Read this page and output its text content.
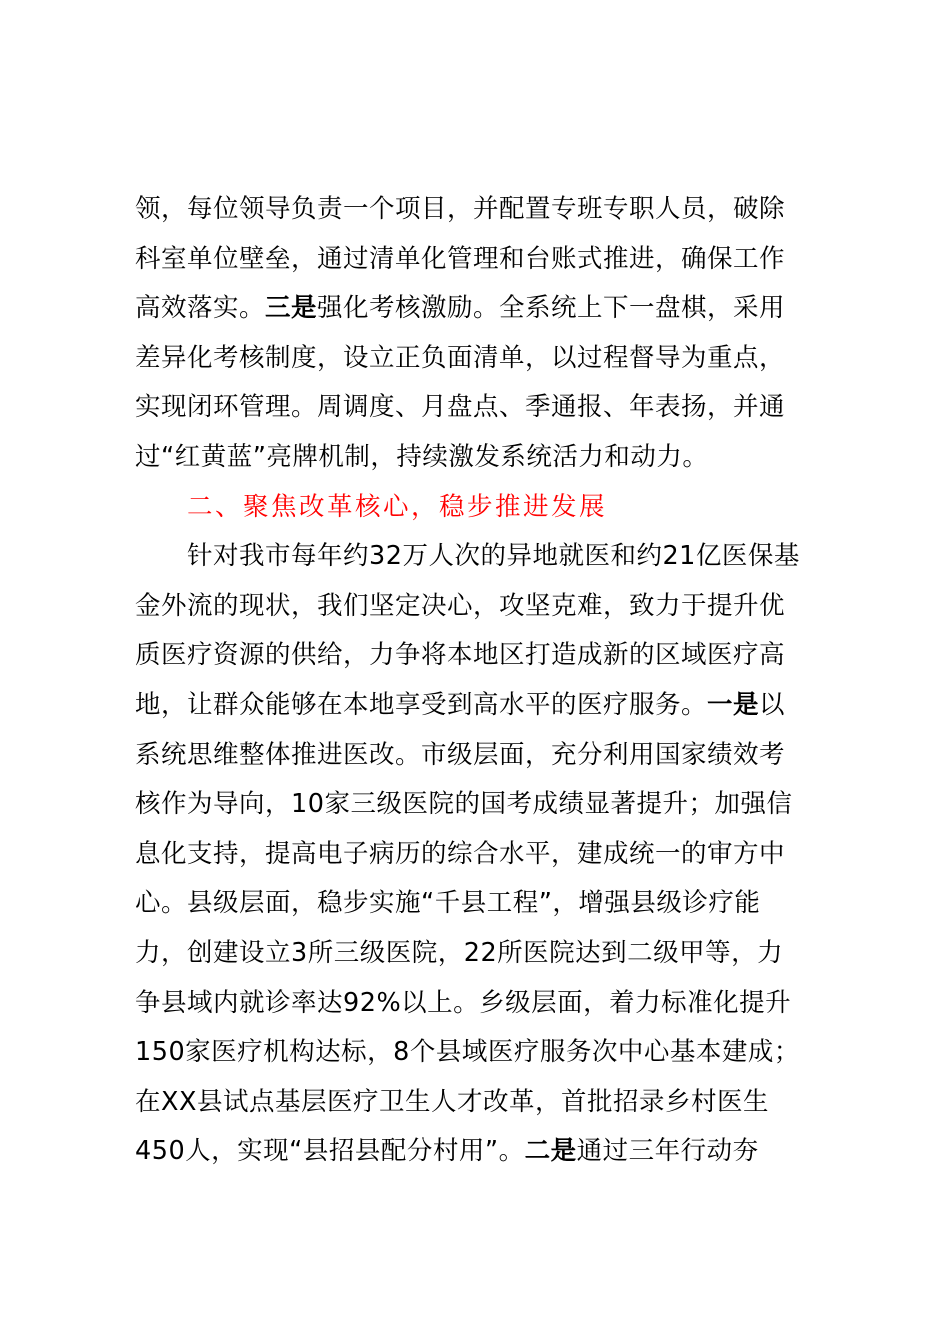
领，每位领导负责一个项目，并配置专班专职人员，破除
科室单位壁垒，通过清单化管理和台账式推进，确保工作
高效落实。三是强化考核激励。全系统上下一盘棋，采用
差异化考核制度，设立正负面清单，以过程督导为重点，
实现闭环管理。周调度、月盘点、季通报、年表扬，并通
过“红黄蓝”亮牌机制，持续激发系统活力和动力。
二、聚焦改革核心，稳步推进发展
　　针对我市每年约32万人次的异地就医和约21亿医保基
金外流的现状，我们坚定决心，攻坚克难，致力于提升优
质医疗资源的供给，力争将本地区打造成新的区域医疗高
地，让群众能够在本地享受到高水平的医疗服务。一是以
系统思维整体推进医改。市级层面，充分利用国家绩效考
核作为导向，10家三级医院的国考成绩显著提升；加强信
息化支持，提高电子病历的综合水平，建成统一的审方中
心。县级层面，稳步实施“千县工程”，增强县级诊疗能
力，创建设立3所三级医院，22所医院达到二级甲等，力
争县域内就诊率达92%以上。乡级层面，着力标准化提升
150家医疗机构达标，8个县域医疗服务次中心基本建成；
在XX县试点基层医疗卫生人才改革，首批招录乡村医生
450人，实现“县招县配分村用”。二是通过三年行动夯
